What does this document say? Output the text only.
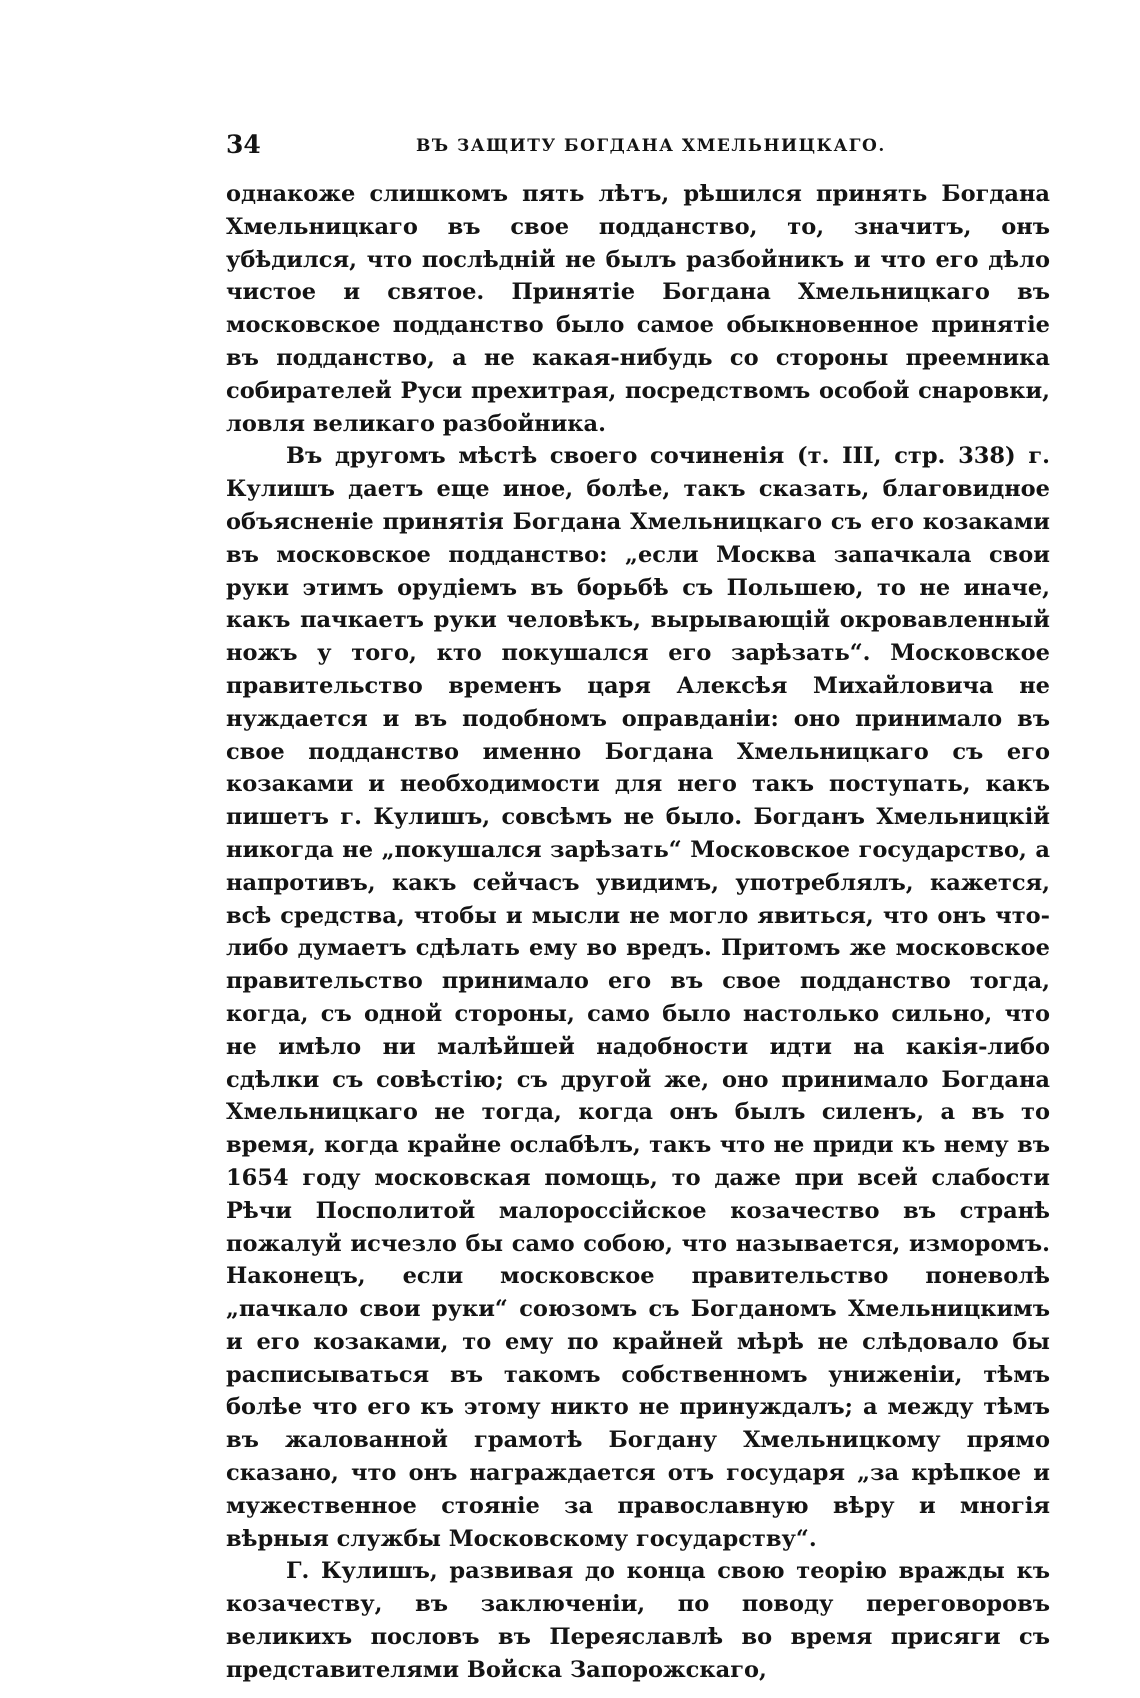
34	ВЪ ЗАЩИТУ БОГДАНА ХМЕЛЬНИЦКАГО.

однакоже слишкомъ пять лѣтъ, рѣшился принять Богдана Хмельницкаго въ свое подданство, то, значитъ, онъ убѣдился, что послѣдній не былъ разбойникъ и что его дѣло чистое и святое. Принятіе Богдана Хмельницкаго въ московское подданство было самое обыкновенное принятіе въ подданство, а не какая-нибудь со стороны преемника собирателей Руси прехитрая, посредствомъ особой снаровки, ловля великаго разбойника.

Въ другомъ мѣстѣ своего сочиненія (т. III, стр. 338) г. Кулишъ даетъ еще иное, болѣе, такъ сказать, благовидное объясненіе принятія Богдана Хмельницкаго съ его козаками въ московское подданство: „если Москва запачкала свои руки этимъ орудіемъ въ борьбѣ съ Польшею, то не иначе, какъ пачкаетъ руки человѣкъ, вырывающій окровавленный ножъ у того, кто покушался его зарѣзать“. Московское правительство временъ царя Алексѣя Михайловича не нуждается и въ подобномъ оправданіи: оно принимало въ свое подданство именно Богдана Хмельницкаго съ его козаками и необходимости для него такъ поступать, какъ пишетъ г. Кулишъ, совсѣмъ не было. Богданъ Хмельницкій никогда не „покушался зарѣзать“ Московское государство, а напротивъ, какъ сейчасъ увидимъ, употреблялъ, кажется, всѣ средства, чтобы и мысли не могло явиться, что онъ что-либо думаетъ сдѣлать ему во вредъ. Притомъ же московское правительство принимало его въ свое подданство тогда, когда, съ одной стороны, само было настолько сильно, что не имѣло ни малѣйшей надобности идти на какія-либо сдѣлки съ совѣстію; съ другой же, оно принимало Богдана Хмельницкаго не тогда, когда онъ былъ силенъ, а въ то время, когда крайне ослабѣлъ, такъ что не приди къ нему въ 1654 году московская помощь, то даже при всей слабости Рѣчи Посполитой малороссійское козачество въ странѣ пожалуй исчезло бы само собою, что называется, изморомъ. Наконецъ, если московское правительство поневолѣ „пачкало свои руки“ союзомъ съ Богданомъ Хмельницкимъ и его козаками, то ему по крайней мѣрѣ не слѣдовало бы расписываться въ такомъ собственномъ униженіи, тѣмъ болѣе что его къ этому никто не принуждалъ; а между тѣмъ въ жалованной грамотѣ Богдану Хмельницкому прямо сказано, что онъ награждается отъ государя „за крѣпкое и мужественное стояніе за православную вѣру и многія вѣрныя службы Московскому государству“.

Г. Кулишъ, развивая до конца свою теорію вражды къ козачеству, въ заключеніи, по поводу переговоровъ великихъ пословъ въ Переяславлѣ во время присяги съ представителями Войска Запорожскаго,
